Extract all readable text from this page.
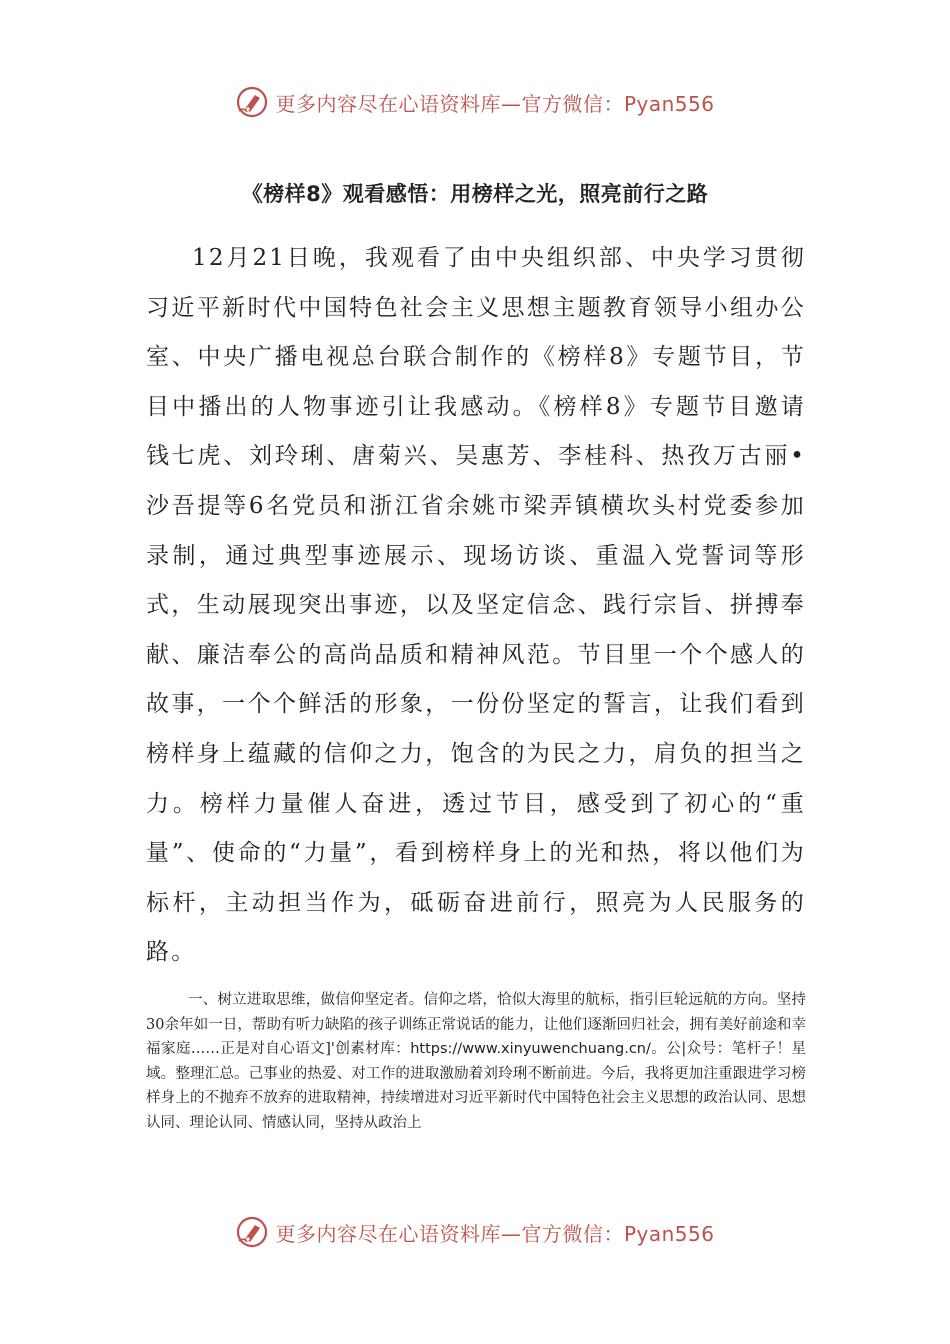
更多内容尽在心语资料库—官方微信：Pyan556
《榜样8》观看感悟：用榜样之光，照亮前行之路

12月21日晚，我观看了由中央组织部、中央学习贯彻习近平新时代中国特色社会主义思想主题教育领导小组办公室、中央广播电视总台联合制作的《榜样8》专题节目，节目中播出的人物事迹引让我感动。《榜样8》专题节目邀请钱七虎、刘玲琍、唐菊兴、吴惠芳、李桂科、热孜万古丽•沙吾提等6名党员和浙江省余姚市梁弄镇横坎头村党委参加录制，通过典型事迹展示、现场访谈、重温入党誓词等形式，生动展现突出事迹，以及坚定信念、践行宗旨、拼搏奉献、廉洁奉公的高尚品质和精神风范。节目里一个个感人的故事，一个个鲜活的形象，一份份坚定的誓言，让我们看到榜样身上蕴藏的信仰之力，饱含的为民之力，肩负的担当之力。榜样力量催人奋进，透过节目，感受到了初心的“重量”、使命的“力量”，看到榜样身上的光和热，将以他们为标杆，主动担当作为，砥砺奋进前行，照亮为人民服务的路。

一、树立进取思维，做信仰坚定者。信仰之塔，恰似大海里的航标，指引巨轮远航的方向。坚持30余年如一日，帮助有听力缺陷的孩子训练正常说话的能力，让他们逐渐回归社会，拥有美好前途和幸福家庭……正是对自心语文]'创素材库：https://www.xinyuwenchuang.cn/。公|众号：笔杆子！星域。整理汇总。己事业的热爱、对工作的进取激励着刘玲琍不断前进。今后，我将更加注重跟进学习榜样身上的不抛弃不放弃的进取精神，持续增进对习近平新时代中国特色社会主义思想的政治认同、思想认同、理论认同、情感认同，坚持从政治上

更多内容尽在心语资料库—官方微信：Pyan556
